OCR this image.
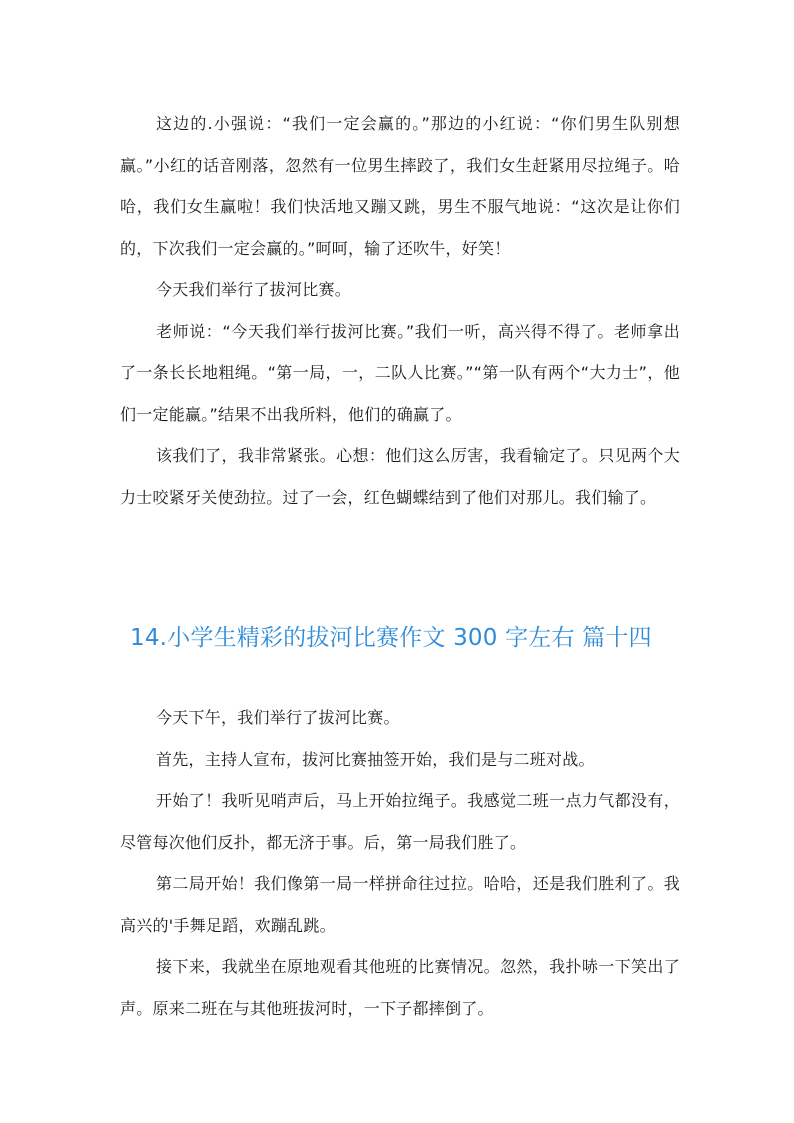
这边的.小强说：“我们一定会赢的。”那边的小红说：“你们男生队别想赢。”小红的话音刚落，忽然有一位男生摔跤了，我们女生赶紧用尽拉绳子。哈哈，我们女生赢啦！我们快活地又蹦又跳，男生不服气地说：“这次是让你们的，下次我们一定会赢的。”呵呵，输了还吹牛，好笑！

今天我们举行了拔河比赛。

老师说：“今天我们举行拔河比赛。”我们一听，高兴得不得了。老师拿出了一条长长地粗绳。“第一局，一，二队人比赛。”“第一队有两个“大力士”，他们一定能赢。”结果不出我所料，他们的确赢了。

该我们了，我非常紧张。心想：他们这么厉害，我看输定了。只见两个大力士咬紧牙关使劲拉。过了一会，红色蝴蝶结到了他们对那儿。我们输了。

14.小学生精彩的拔河比赛作文 300 字左右 篇十四

今天下午，我们举行了拔河比赛。

首先，主持人宣布，拔河比赛抽签开始，我们是与二班对战。

开始了！我听见哨声后，马上开始拉绳子。我感觉二班一点力气都没有，尽管每次他们反扑，都无济于事。后，第一局我们胜了。

第二局开始！我们像第一局一样拼命往过拉。哈哈，还是我们胜利了。我高兴的'手舞足蹈，欢蹦乱跳。

接下来，我就坐在原地观看其他班的比赛情况。忽然，我扑哧一下笑出了声。原来二班在与其他班拔河时，一下子都摔倒了。
